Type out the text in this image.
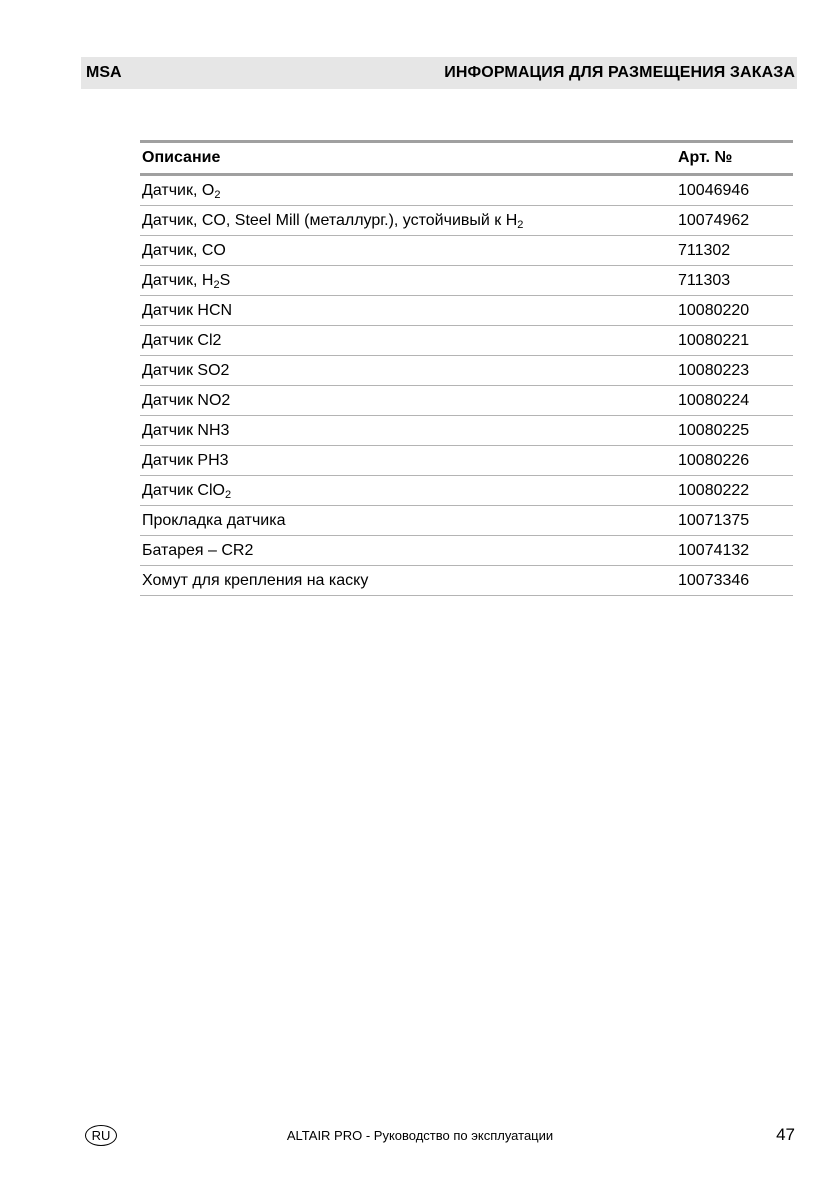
MSA	ИНФОРМАЦИЯ ДЛЯ РАЗМЕЩЕНИЯ ЗАКАЗА
Описание	Арт. №
Датчик, $O_2$	10046946
Датчик, CO, Steel Mill (металлург.), устойчивый к $H_2$	10074962
Датчик, CO	711302
Датчик, $H_2S$	711303
Датчик HCN	10080220
Датчик Cl2	10080221
Датчик SO2	10080223
Датчик NO2	10080224
Датчик NH3	10080225
Датчик PH3	10080226
Датчик ClO$_2$	10080222
Прокладка датчика	10071375
Батарея – CR2	10074132
Хомут для крепления на каску	10073346
RU	ALTAIR PRO - Руководство по эксплуатации	47
